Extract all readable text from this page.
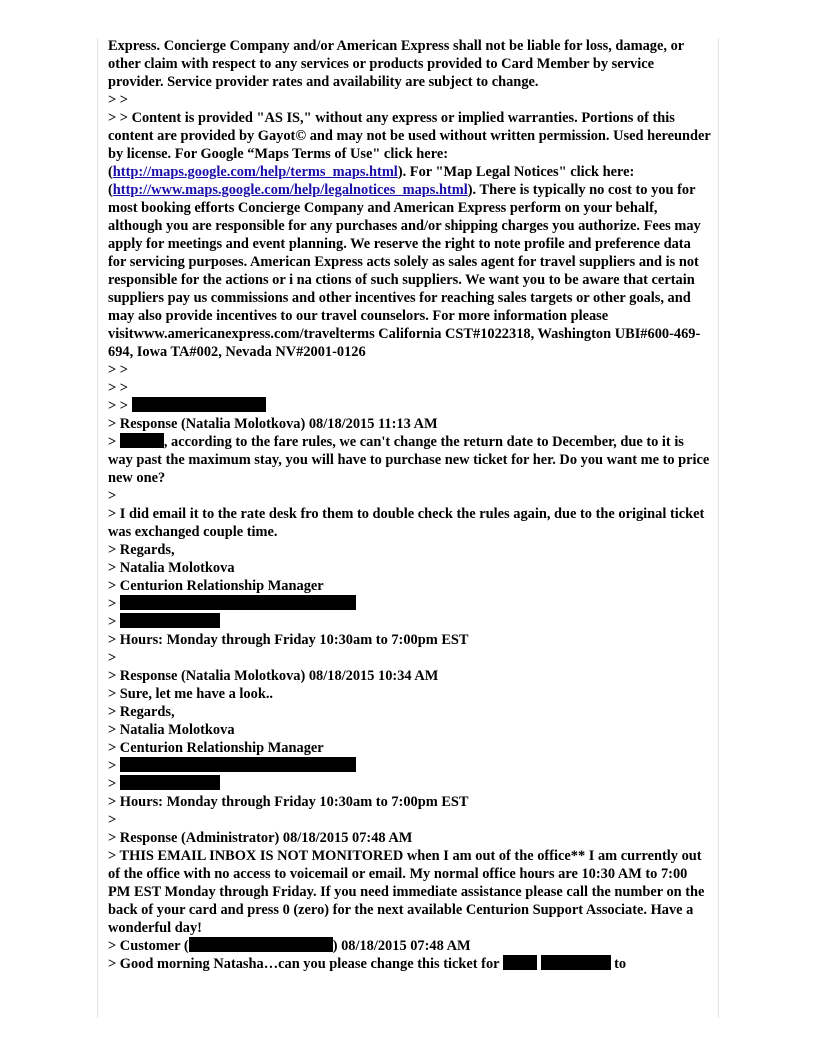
Express. Concierge Company and/or American Express shall not be liable for loss, damage, or other claim with respect to any services or products provided to Card Member by service provider. Service provider rates and availability are subject to change.

> >

> > Content is provided "AS IS," without any express or implied warranties. Portions of this content are provided by Gayot© and may not be used without written permission. Used hereunder by license. For Google “Maps Terms of Use" click here: (http://maps.google.com/help/terms_maps.html). For "Map Legal Notices" click here: (http://www.maps.google.com/help/legalnotices_maps.html). There is typically no cost to you for most booking efforts Concierge Company and American Express perform on your behalf, although you are responsible for any purchases and/or shipping charges you authorize. Fees may apply for meetings and event planning. We reserve the right to note profile and preference data for servicing purposes. American Express acts solely as sales agent for travel suppliers and is not responsible for the actions or i na ctions of such suppliers. We want you to be aware that certain suppliers pay us commissions and other incentives for reaching sales targets or other goals, and may also provide incentives to our travel counselors. For more information please visitwww.americanexpress.com/travelterms California CST#1022318, Washington UBI#600-469-694, Iowa TA#002, Nevada NV#2001-0126

> >

> >

> >

> Response (Natalia Molotkova) 08/18/2015 11:13 AM

>	, according to the fare rules, we can't change the return date to December, due to it is way past the maximum stay, you will have to purchase new ticket for her. Do you want me to price new one?

>

> I did email it to the rate desk fro them to double check the rules again, due to the original ticket was exchanged couple time.

> Regards,

> Natalia Molotkova

> Centurion Relationship Manager

>

>

> Hours: Monday through Friday 10:30am to 7:00pm EST

>

> Response (Natalia Molotkova) 08/18/2015 10:34 AM

> Sure, let me have a look..

> Regards,

> Natalia Molotkova

> Centurion Relationship Manager

>

>

> Hours: Monday through Friday 10:30am to 7:00pm EST

>

> Response (Administrator) 08/18/2015 07:48 AM

> THIS EMAIL INBOX IS NOT MONITORED when I am out of the office** I am currently out of the office with no access to voicemail or email. My normal office hours are 10:30 AM to 7:00 PM EST Monday through Friday. If you need immediate assistance please call the number on the back of your card and press 0 (zero) for the next available Centurion Support Associate. Have a wonderful day!

> Customer (	) 08/18/2015 07:48 AM

> Good morning Natasha…can you please change this ticket for	to
